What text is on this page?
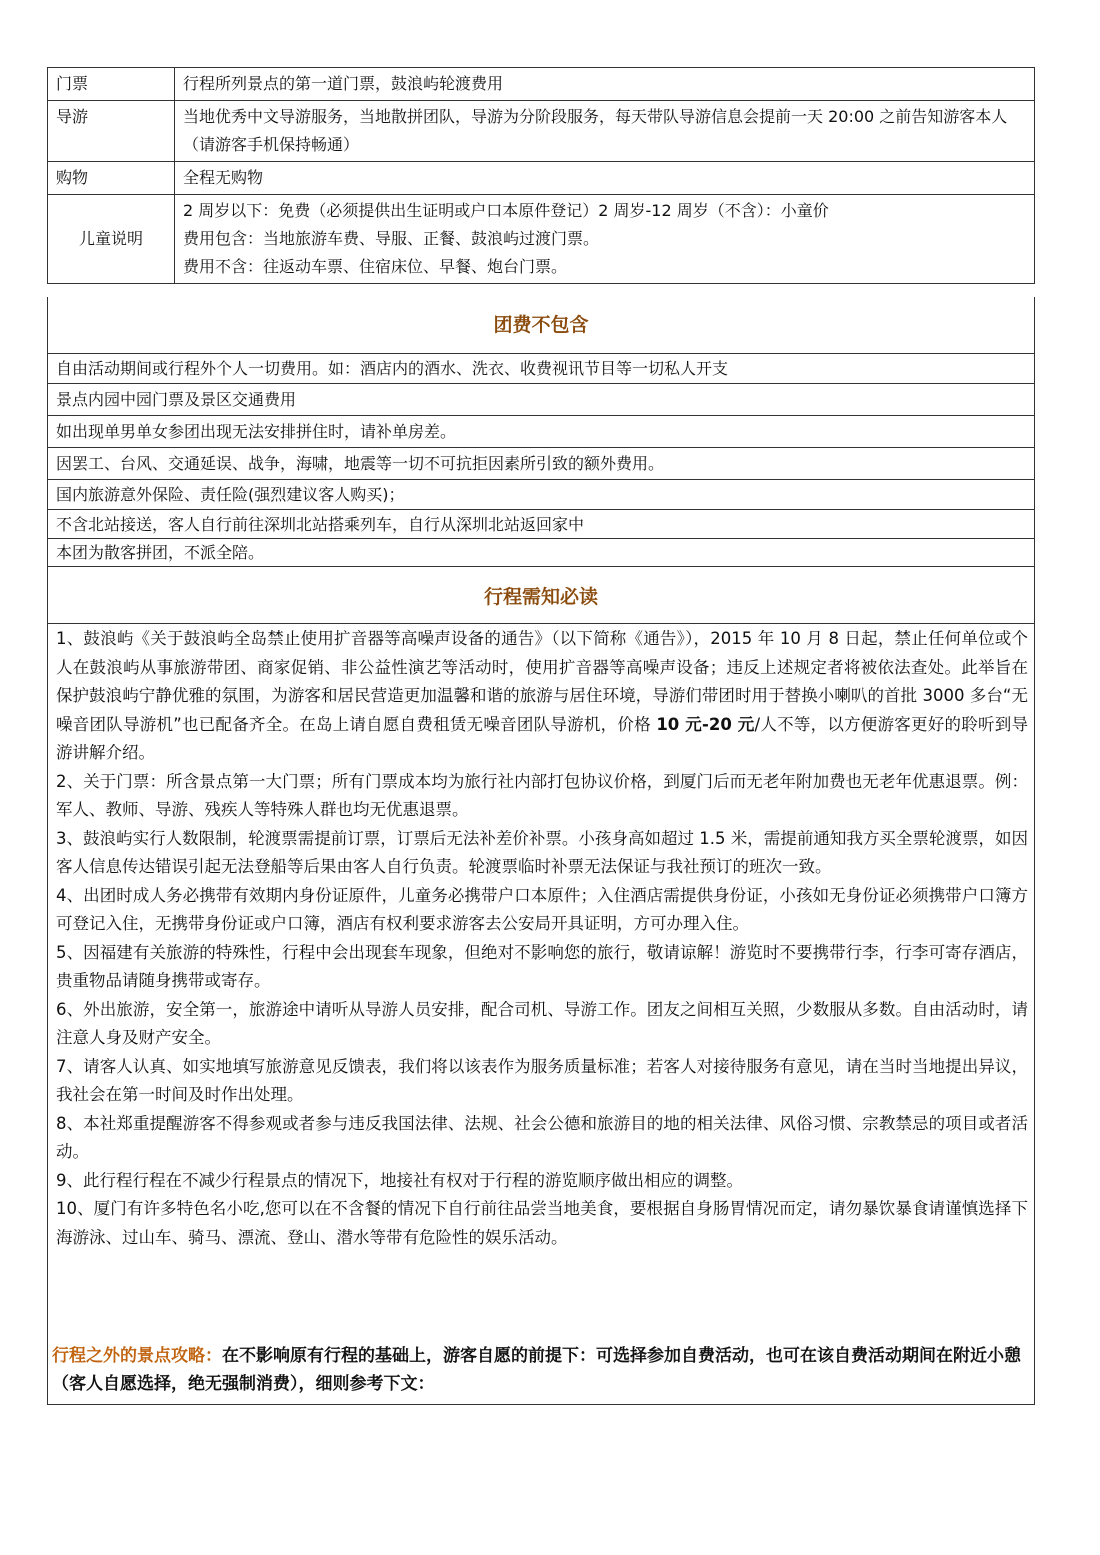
门票	行程所列景点的第一道门票，鼓浪屿轮渡费用
导游	当地优秀中文导游服务，当地散拼团队，导游为分阶段服务，每天带队导游信息会提前一天 20:00 之前告知游客本人（请游客手机保持畅通）
购物	全程无购物
儿童说明	2 周岁以下：免费（必须提供出生证明或户口本原件登记）2 周岁-12 周岁（不含）：小童价
费用包含：当地旅游车费、导服、正餐、鼓浪屿过渡门票。
费用不含：往返动车票、住宿床位、早餐、炮台门票。
团费不包含
自由活动期间或行程外个人一切费用。如：酒店内的酒水、洗衣、收费视讯节目等一切私人开支
景点内园中园门票及景区交通费用
如出现单男单女参团出现无法安排拼住时，请补单房差。
因罢工、台风、交通延误、战争，海啸，地震等一切不可抗拒因素所引致的额外费用。
国内旅游意外保险、责任险(强烈建议客人购买)；
不含北站接送，客人自行前往深圳北站搭乘列车，自行从深圳北站返回家中
本团为散客拼团，不派全陪。
行程需知必读

1、鼓浪屿《关于鼓浪屿全岛禁止使用扩音器等高噪声设备的通告》（以下简称《通告》），2015 年 10 月 8 日起，禁止任何单位或个人在鼓浪屿从事旅游带团、商家促销、非公益性演艺等活动时，使用扩音器等高噪声设备；违反上述规定者将被依法查处。此举旨在保护鼓浪屿宁静优雅的氛围，为游客和居民营造更加温馨和谐的旅游与居住环境，导游们带团时用于替换小喇叭的首批 3000 多台“无噪音团队导游机”也已配备齐全。在岛上请自愿自费租赁无噪音团队导游机，价格 10 元-20 元/人不等，以方便游客更好的聆听到导游讲解介绍。

2、关于门票：所含景点第一大门票；所有门票成本均为旅行社内部打包协议价格，到厦门后而无老年附加费也无老年优惠退票。例：军人、教师、导游、残疾人等特殊人群也均无优惠退票。

3、鼓浪屿实行人数限制，轮渡票需提前订票，订票后无法补差价补票。小孩身高如超过 1.5 米，需提前通知我方买全票轮渡票，如因客人信息传达错误引起无法登船等后果由客人自行负责。轮渡票临时补票无法保证与我社预订的班次一致。

4、出团时成人务必携带有效期内身份证原件，儿童务必携带户口本原件；入住酒店需提供身份证，小孩如无身份证必须携带户口簿方可登记入住，无携带身份证或户口簿，酒店有权利要求游客去公安局开具证明，方可办理入住。

5、因福建有关旅游的特殊性，行程中会出现套车现象，但绝对不影响您的旅行，敬请谅解！游览时不要携带行李，行李可寄存酒店，贵重物品请随身携带或寄存。

6、外出旅游，安全第一，旅游途中请听从导游人员安排，配合司机、导游工作。团友之间相互关照，少数服从多数。自由活动时，请注意人身及财产安全。

7、请客人认真、如实地填写旅游意见反馈表，我们将以该表作为服务质量标准；若客人对接待服务有意见，请在当时当地提出异议，我社会在第一时间及时作出处理。

8、本社郑重提醒游客不得参观或者参与违反我国法律、法规、社会公德和旅游目的地的相关法律、风俗习惯、宗教禁忌的项目或者活动。

9、此行程行程在不减少行程景点的情况下，地接社有权对于行程的游览顺序做出相应的调整。

10、厦门有许多特色名小吃,您可以在不含餐的情况下自行前往品尝当地美食，要根据自身肠胃情况而定，请勿暴饮暴食请谨慎选择下海游泳、过山车、骑马、漂流、登山、潜水等带有危险性的娱乐活动。

行程之外的景点攻略：在不影响原有行程的基础上，游客自愿的前提下：可选择参加自费活动，也可在该自费活动期间在附近小憩（客人自愿选择，绝无强制消费），细则参考下文：
